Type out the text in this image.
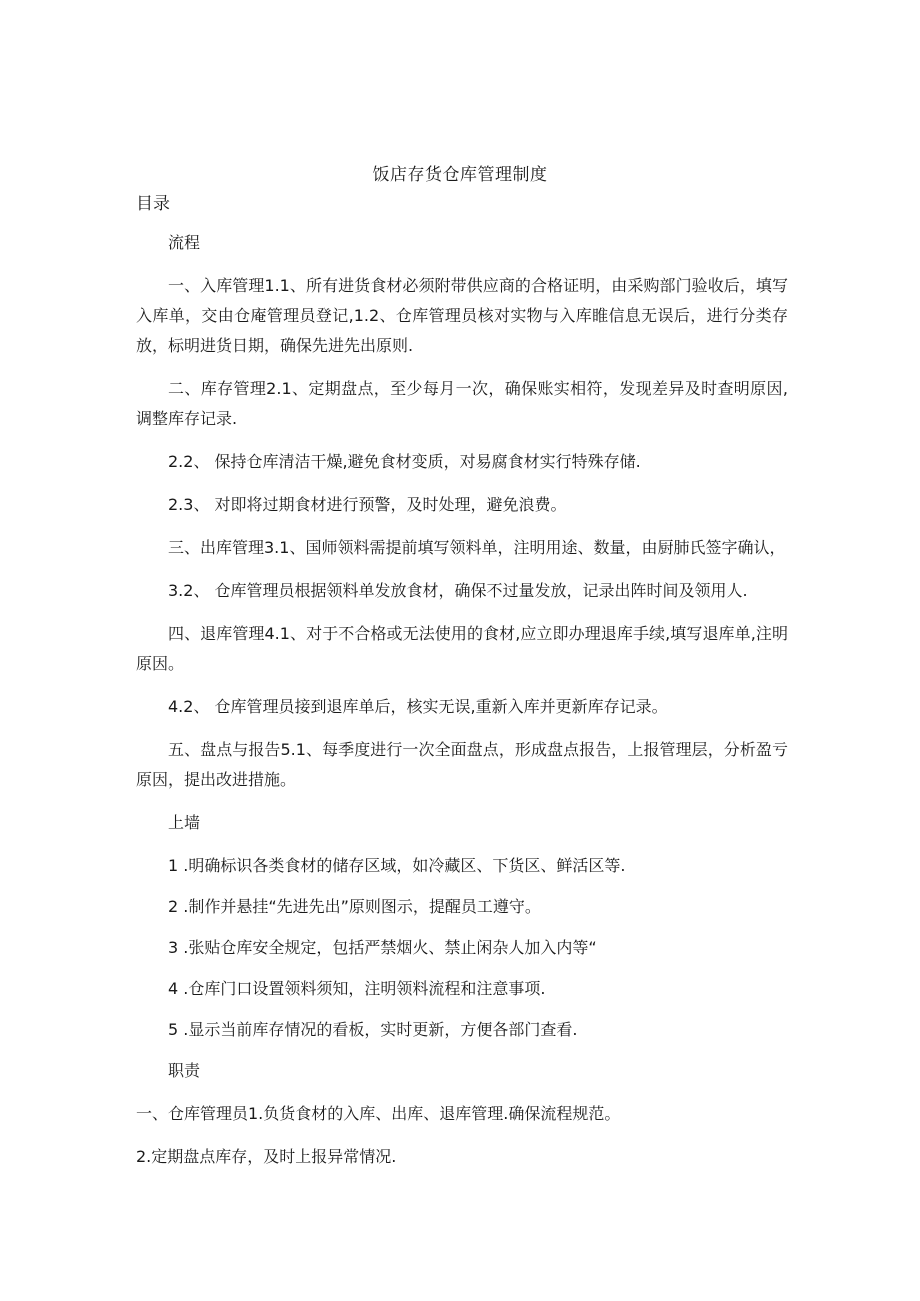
饭店存货仓库管理制度
目录

流程

一、入库管理1.1、所有进货食材必须附带供应商的合格证明，由采购部门验收后，填写入库单，交由仓庵管理员登记,1.2、仓库管理员核对实物与入库睢信息无误后，进行分类存放，标明进货日期，确保先进先出原则.

二、库存管理2.1、定期盘点，至少每月一次，确保账实相符，发现差异及时查明原因,调整库存记录.

2.2、 保持仓库清洁干燥,避免食材变质，对易腐食材实行特殊存储.

2.3、 对即将过期食材进行预警，及时处理，避免浪费。

三、出库管理3.1、国师领料需提前填写领料单，注明用途、数量，由厨肺氏签字确认，

3.2、 仓库管理员根据领料单发放食材，确保不过量发放，记录出阵时间及领用人.

四、退库管理4.1、对于不合格或无法使用的食材,应立即办理退库手续,填写退库单,注明原因。

4.2、 仓库管理员接到退库单后，核实无误,重新入库并更新库存记录。

五、盘点与报告5.1、每季度进行一次全面盘点，形成盘点报告，上报管理层，分析盈亏原因，提出改进措施。

上墙

1 .明确标识各类食材的储存区域，如冷藏区、下货区、鲜活区等.

2 .制作并悬挂“先进先出”原则图示，提醒员工遵守。

3 .张贴仓库安全规定，包括严禁烟火、禁止闲杂人加入内等“

4 .仓库门口设置领料须知，注明领料流程和注意事项.

5 .显示当前库存情况的看板，实时更新，方便各部门查看.

职责

一、仓库管理员1.负货食材的入库、出库、退库管理.确保流程规范。

2.定期盘点库存，及时上报异常情况.
